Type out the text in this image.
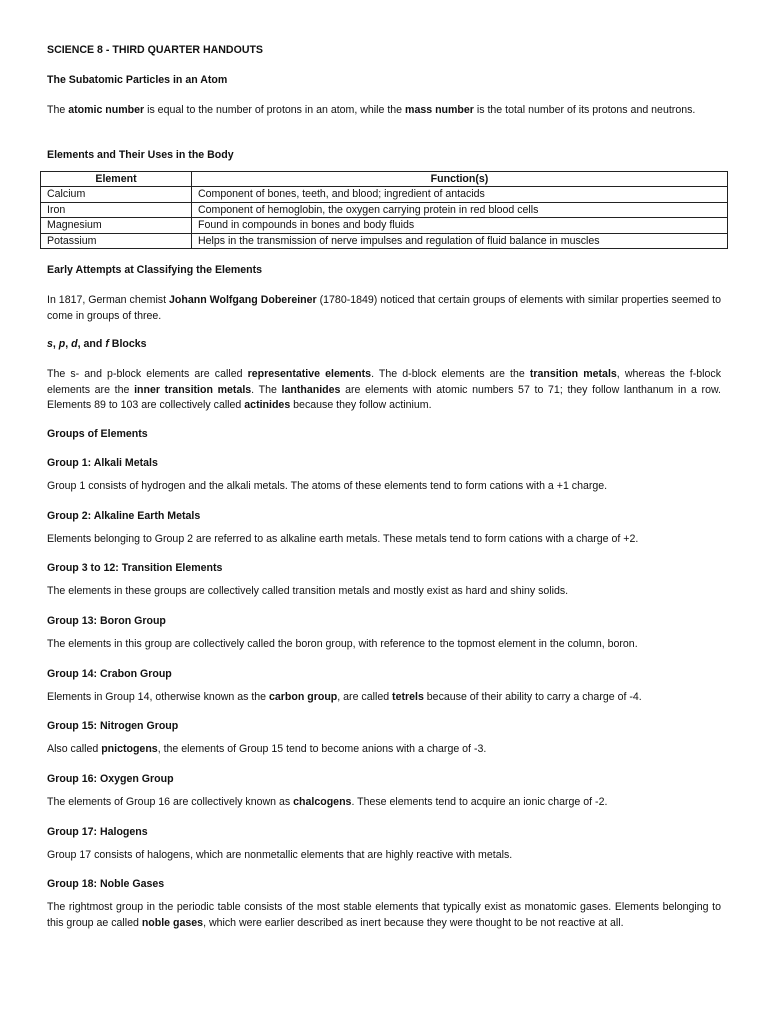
SCIENCE 8 - THIRD QUARTER HANDOUTS
The Subatomic Particles in an Atom
The atomic number is equal to the number of protons in an atom, while the mass number is the total number of its protons and neutrons.
Elements and Their Uses in the Body
Element	Function(s)
Calcium	Component of bones, teeth, and blood; ingredient of antacids
Iron	Component of hemoglobin, the oxygen carrying protein in red blood cells
Magnesium	Found in compounds in bones and body fluids
Potassium	Helps in the transmission of nerve impulses and regulation of fluid balance in muscles
Early Attempts at Classifying the Elements
In 1817, German chemist Johann Wolfgang Dobereiner (1780-1849) noticed that certain groups of elements with similar properties seemed to come in groups of three.
s, p, d, and f Blocks
The s- and p-block elements are called representative elements. The d-block elements are the transition metals, whereas the f-block elements are the inner transition metals. The lanthanides are elements with atomic numbers 57 to 71; they follow lanthanum in a row. Elements 89 to 103 are collectively called actinides because they follow actinium.
Groups of Elements
Group 1: Alkali Metals
Group 1 consists of hydrogen and the alkali metals. The atoms of these elements tend to form cations with a +1 charge.
Group 2: Alkaline Earth Metals
Elements belonging to Group 2 are referred to as alkaline earth metals. These metals tend to form cations with a charge of +2.
Group 3 to 12: Transition Elements
The elements in these groups are collectively called transition metals and mostly exist as hard and shiny solids.
Group 13: Boron Group
The elements in this group are collectively called the boron group, with reference to the topmost element in the column, boron.
Group 14: Crabon Group
Elements in Group 14, otherwise known as the carbon group, are called tetrels because of their ability to carry a charge of -4.
Group 15: Nitrogen Group
Also called pnictogens, the elements of Group 15 tend to become anions with a charge of -3.
Group 16: Oxygen Group
The elements of Group 16 are collectively known as chalcogens. These elements tend to acquire an ionic charge of -2.
Group 17: Halogens
Group 17 consists of halogens, which are nonmetallic elements that are highly reactive with metals.
Group 18: Noble Gases
The rightmost group in the periodic table consists of the most stable elements that typically exist as monatomic gases. Elements belonging to this group ae called noble gases, which were earlier described as inert because they were thought to be not reactive at all.
